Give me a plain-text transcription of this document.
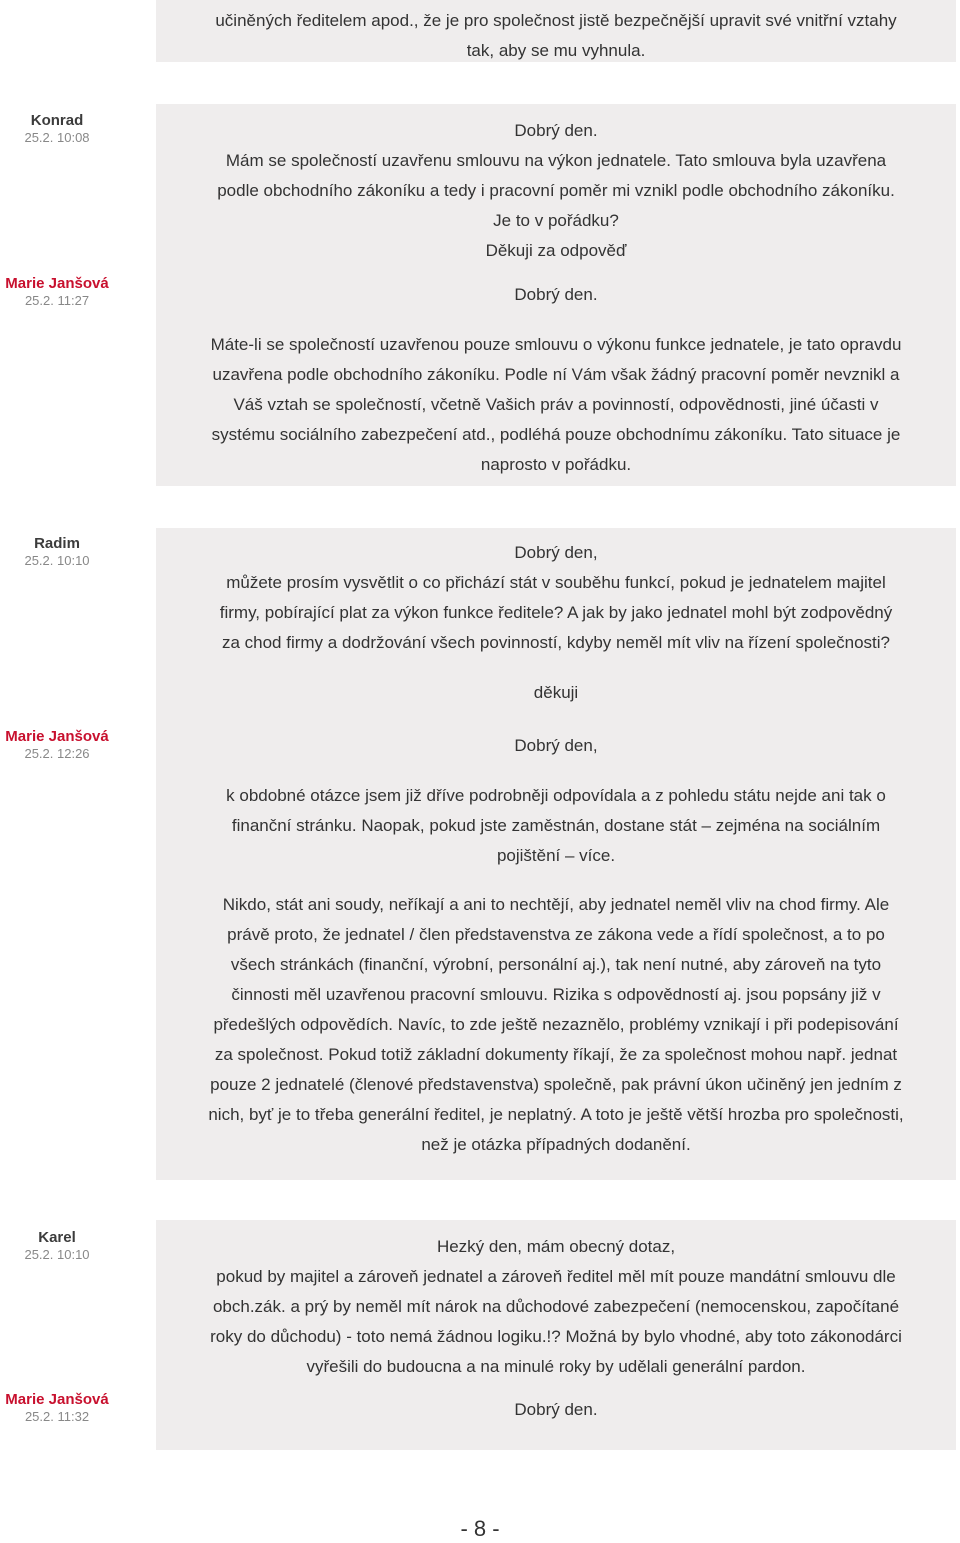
učiněných ředitelem apod., že je pro společnost jistě bezpečnější upravit své vnitřní vztahy

tak, aby se mu vyhnula.

Konrad
25.2. 10:08	Dobrý den.

Mám se společností uzavřenu smlouvu na výkon jednatele. Tato smlouva byla uzavřena

podle obchodního zákoníku a tedy i pracovní poměr mi vznikl podle obchodního zákoníku.

Je to v pořádku?

Děkuji za odpověď

Marie Janšová
25.2. 11:27	Dobrý den.

Máte-li se společností uzavřenou pouze smlouvu o výkonu funkce jednatele, je tato opravdu

uzavřena podle obchodního zákoníku. Podle ní Vám však žádný pracovní poměr nevznikl a

Váš vztah se společností, včetně Vašich práv a povinností, odpovědnosti, jiné účasti v

systému sociálního zabezpečení atd., podléhá pouze obchodnímu zákoníku. Tato situace je

naprosto v pořádku.

Radim
25.2. 10:10	Dobrý den,

můžete prosím vysvětlit o co přichází stát v souběhu funkcí, pokud je jednatelem majitel

firmy, pobírající plat za výkon funkce ředitele? A jak by jako jednatel mohl být zodpovědný

za chod firmy a dodržování všech povinností, kdyby neměl mít vliv na řízení společnosti?

děkuji

Marie Janšová
25.2. 12:26	Dobrý den,

k obdobné otázce jsem již dříve podrobněji odpovídala a z pohledu státu nejde ani tak o

finanční stránku. Naopak, pokud jste zaměstnán, dostane stát – zejména na sociálním

pojištění – více.

Nikdo, stát ani soudy, neříkají a ani to nechtějí, aby jednatel neměl vliv na chod firmy. Ale

právě proto, že jednatel / člen představenstva ze zákona vede a řídí společnost, a to po

všech stránkách (finanční, výrobní, personální aj.), tak není nutné, aby zároveň na tyto

činnosti měl uzavřenou pracovní smlouvu. Rizika s odpovědností aj. jsou popsány již v

předešlých odpovědích. Navíc, to zde ještě nezaznělo, problémy vznikají i při podepisování

za společnost. Pokud totiž základní dokumenty říkají, že za společnost mohou např. jednat

pouze 2 jednatelé (členové představenstva) společně, pak právní úkon učiněný jen jedním z

nich, byť je to třeba generální ředitel, je neplatný. A toto je ještě větší hrozba pro společnosti,

než je otázka případných dodanění.

Karel
25.2. 10:10	Hezký den, mám obecný dotaz,

pokud by majitel a zároveň jednatel a zároveň ředitel měl mít pouze mandátní smlouvu dle

obch.zák. a prý by neměl mít nárok na důchodové zabezpečení (nemocenskou, započítané

roky do důchodu) - toto nemá žádnou logiku.!? Možná by bylo vhodné, aby toto zákonodárci

vyřešili do budoucna a na minulé roky by udělali generální pardon.

Marie Janšová
25.2. 11:32	Dobrý den.

- 8 -
